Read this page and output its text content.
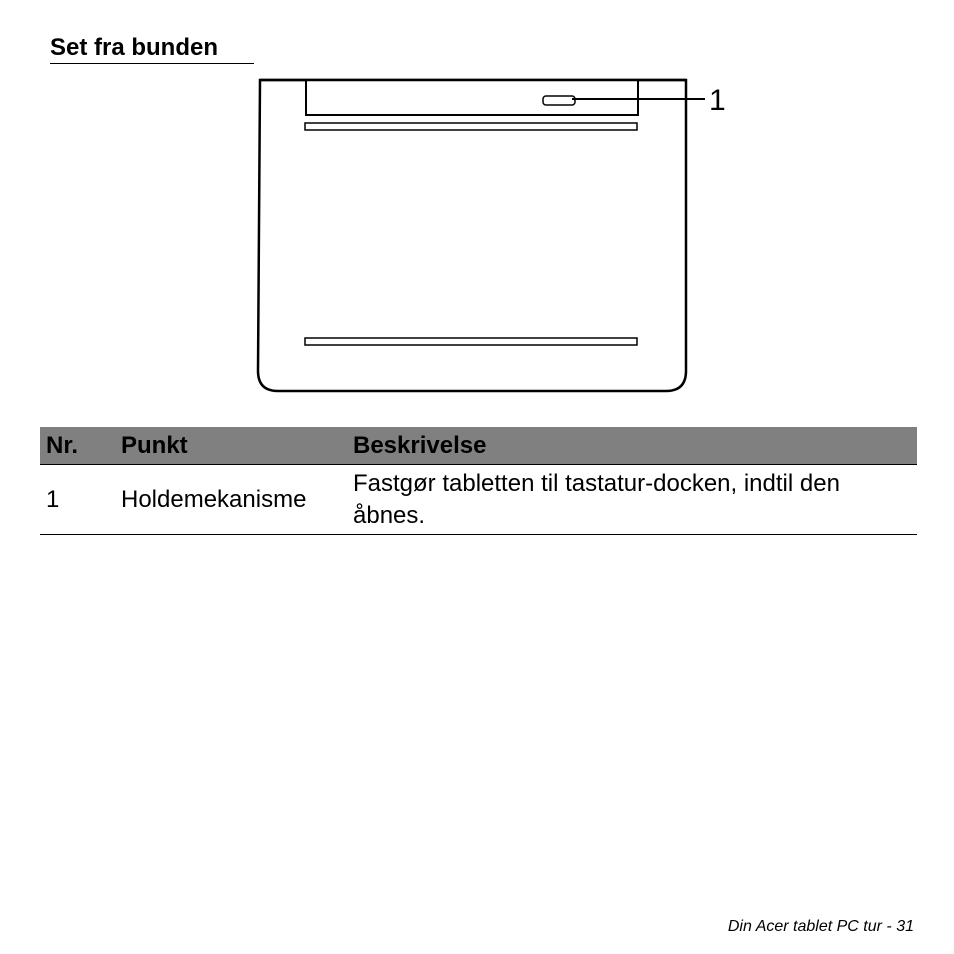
Set fra bunden
1
Nr.	Punkt	Beskrivelse
1	Holdemekanisme	Fastgør tabletten til tastatur-docken, indtil den åbnes.
Din Acer tablet PC tur - 31
